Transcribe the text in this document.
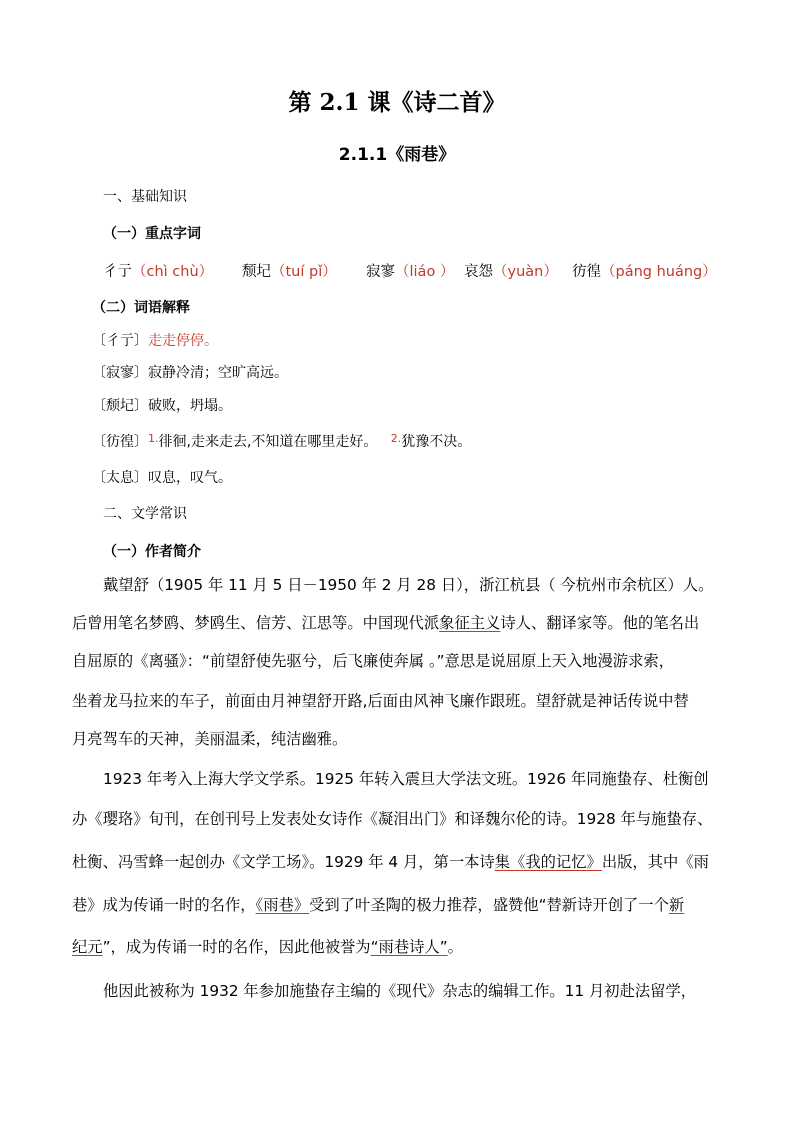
第 2.1 课《诗二首》
2.1.1《雨巷》
一、基础知识
（一）重点字词
彳亍（chì chù） 颓圮（tuí pǐ） 寂寥（liáo ） 哀怨（yuàn） 彷徨（páng huáng）
（二）词语解释
〔彳亍〕走走停停。
〔寂寥〕寂静冷清；空旷高远。
〔颓圮〕破败，坍塌。
〔彷徨〕$^{1.}$徘徊,走来走去,不知道在哪里走好。 $^{2.}$犹豫不决。
〔太息〕叹息，叹气。
二、文学常识
（一）作者简介
戴望舒（1905 年 11 月 5 日－1950 年 2 月 28 日），浙江杭县（ 今杭州市余杭区）人。
后曾用笔名梦鸥、梦鸥生、信芳、江思等。中国现代派象征主义诗人、翻译家等。他的笔名出
自屈原的《离骚》：“前望舒使先驱兮，后飞廉使奔属 。”意思是说屈原上天入地漫游求索，
坐着龙马拉来的车子，前面由月神望舒开路,后面由风神飞廉作跟班。望舒就是神话传说中替
月亮驾车的天神，美丽温柔，纯洁幽雅。
1923 年考入上海大学文学系。1925 年转入震旦大学法文班。1926 年同施蛰存、杜衡创
办《璎珞》旬刊，在创刊号上发表处女诗作《凝泪出门》和译魏尔伦的诗。1928 年与施蛰存、
杜衡、冯雪蜂一起创办《文学工场》。1929 年 4 月，第一本诗集《我的记忆》出版，其中《雨
巷》成为传诵一时的名作，《雨巷》受到了叶圣陶的极力推荐，盛赞他“替新诗开创了一个新
纪元”，成为传诵一时的名作，因此他被誉为“雨巷诗人”。
他因此被称为 1932 年参加施蛰存主编的《现代》杂志的编辑工作。11 月初赴法留学，
